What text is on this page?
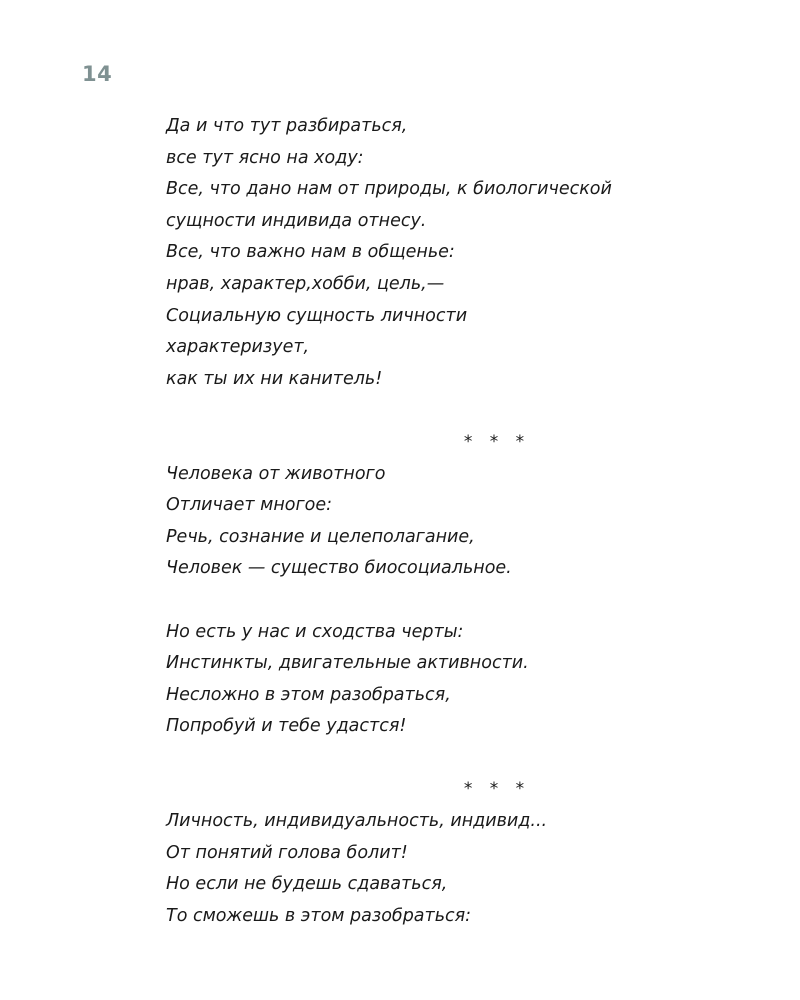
14
Да и что тут разбираться,
все тут ясно на ходу:
Все, что дано нам от природы, к биологической
сущности индивида отнесу.
Все, что важно нам в общенье:
нрав, характер,хобби, цель,—
Социальную сущность личности
характеризует,
как ты их ни канитель!
* * *
Человека от животного
Отличает многое:
Речь, сознание и целеполагание,
Человек — существо биосоциальное.
Но есть у нас и сходства черты:
Инстинкты, двигательные активности.
Несложно в этом разобраться,
Попробуй и тебе удастся!
* * *
Личность, индивидуальность, индивид...
От понятий голова болит!
Но если не будешь сдаваться,
То сможешь в этом разобраться:
